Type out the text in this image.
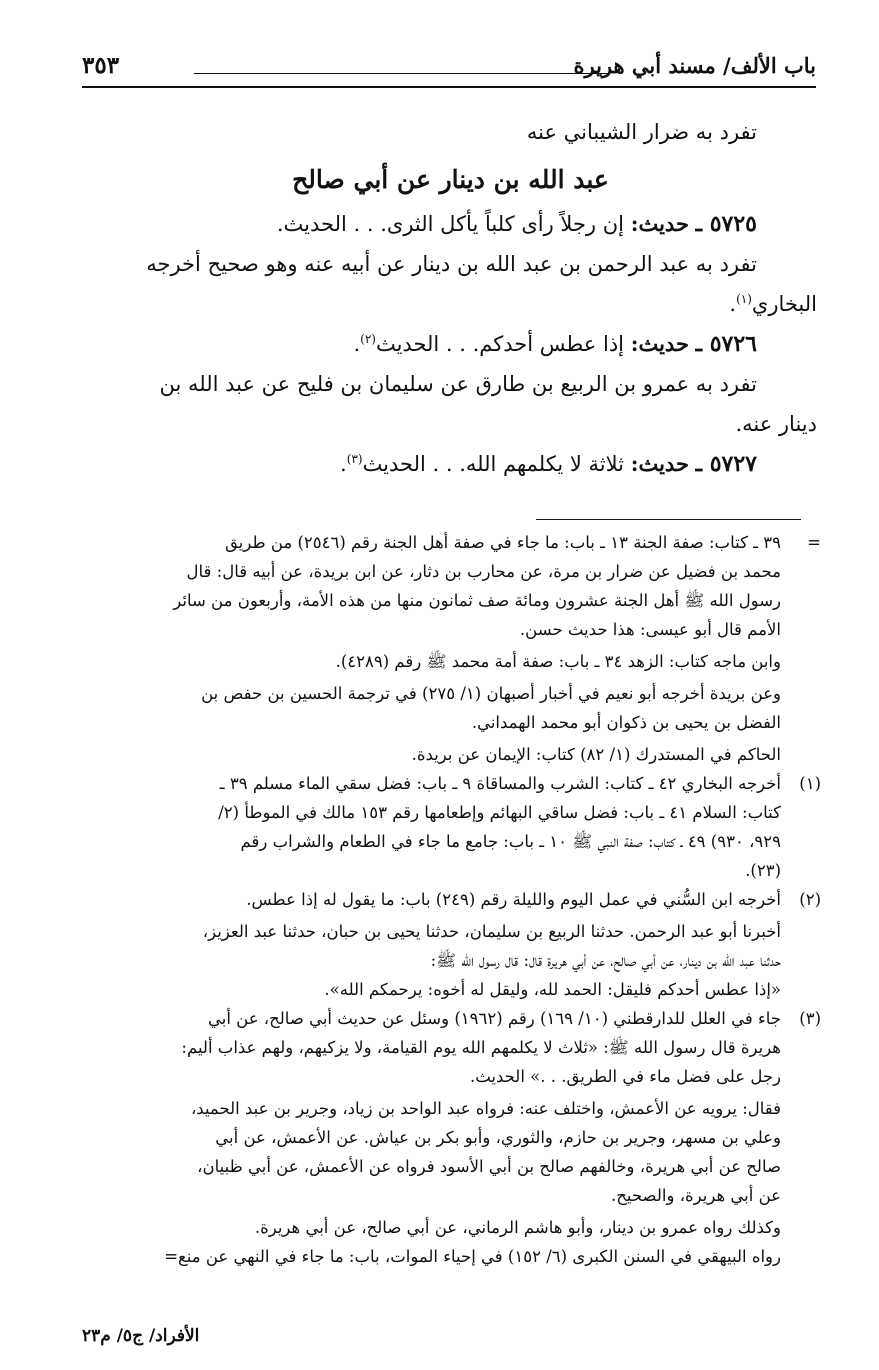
باب الألف/ مسند أبي هريرة
٣٥٣
تفرد به ضرار الشيباني عنه
عبد الله بن دينار عن أبي صالح
٥٧٢٥ ـ حديث: إن رجلاً رأى كلباً يأكل الثرى. . . الحديث.
تفرد به عبد الرحمن بن عبد الله بن دينار عن أبيه عنه وهو صحيح أخرجه
البخاري$^{(١)}$.
٥٧٢٦ ـ حديث: إذا عطس أحدكم. . . الحديث$^{(٢)}$.
تفرد به عمرو بن الربيع بن طارق عن سليمان بن فليح عن عبد الله بن
دينار عنه.
٥٧٢٧ ـ حديث: ثلاثة لا يكلمهم الله. . . الحديث$^{(٣)}$.
=
٣٩ ـ كتاب: صفة الجنة ١٣ ـ باب: ما جاء في صفة أهل الجنة رقم (٢٥٤٦) من طريق
محمد بن فضيل عن ضرار بن مرة، عن محارب بن دثار، عن ابن بريدة، عن أبيه قال: قال
رسول الله ﷺ أهل الجنة عشرون ومائة صف ثمانون منها من هذه الأمة، وأربعون من سائر
الأمم قال أبو عيسى: هذا حديث حسن.
وابن ماجه كتاب: الزهد ٣٤ ـ باب: صفة أمة محمد ﷺ رقم (٤٢٨٩).
وعن بريدة أخرجه أبو نعيم في أخبار أصبهان (١/ ٢٧٥) في ترجمة الحسين بن حفص بن
الفضل بن يحيى بن ذكوان أبو محمد الهمداني.
الحاكم في المستدرك (١/ ٨٢) كتاب: الإيمان عن بريدة.
(١)
أخرجه البخاري ٤٢ ـ كتاب: الشرب والمساقاة ٩ ـ باب: فضل سقي الماء مسلم ٣٩ ـ
كتاب: السلام ٤١ ـ باب: فضل ساقي البهائم وإطعامها رقم ١٥٣ مالك في الموطأ (٢/
٩٢٩، ٩٣٠) ٤٩ ـ كتاب: صفة النبي ﷺ ١٠ ـ باب: جامع ما جاء في الطعام والشراب رقم
(٢٣).
(٢)
أخرجه ابن السُّني في عمل اليوم والليلة رقم (٢٤٩) باب: ما يقول له إذا عطس.
أخبرنا أبو عبد الرحمن. حدثنا الربيع بن سليمان، حدثنا يحيى بن حبان، حدثنا عبد العزيز،
حدثنا عبد الله بن دينار، عن أبي صالح، عن أبي هريرة قال: قال رسول الله ﷺ:
«إذا عطس أحدكم فليقل: الحمد لله، وليقل له أخوه: يرحمكم الله».
(٣)
جاء في العلل للدارقطني (١٠/ ١٦٩) رقم (١٩٦٢) وسئل عن حديث أبي صالح، عن أبي
هريرة قال رسول الله ﷺ: «ثلاث لا يكلمهم الله يوم القيامة، ولا يزكيهم، ولهم عذاب أليم:
رجل على فضل ماء في الطريق. . .» الحديث.
فقال: يرويه عن الأعمش، واختلف عنه: فرواه عبد الواحد بن زياد، وجرير بن عبد الحميد،
وعلي بن مسهر، وجرير بن حازم، والثوري، وأبو بكر بن عياش. عن الأعمش، عن أبي
صالح عن أبي هريرة، وخالفهم صالح بن أبي الأسود فرواه عن الأعمش، عن أبي ظبيان،
عن أبي هريرة، والصحيح.
وكذلك رواه عمرو بن دينار، وأبو هاشم الرماني، عن أبي صالح، عن أبي هريرة.
رواه البيهقي في السنن الكبرى (٦/ ١٥٢) في إحياء الموات، باب: ما جاء في النهي عن منع=
الأفراد/ ج٥/ م٢٣
